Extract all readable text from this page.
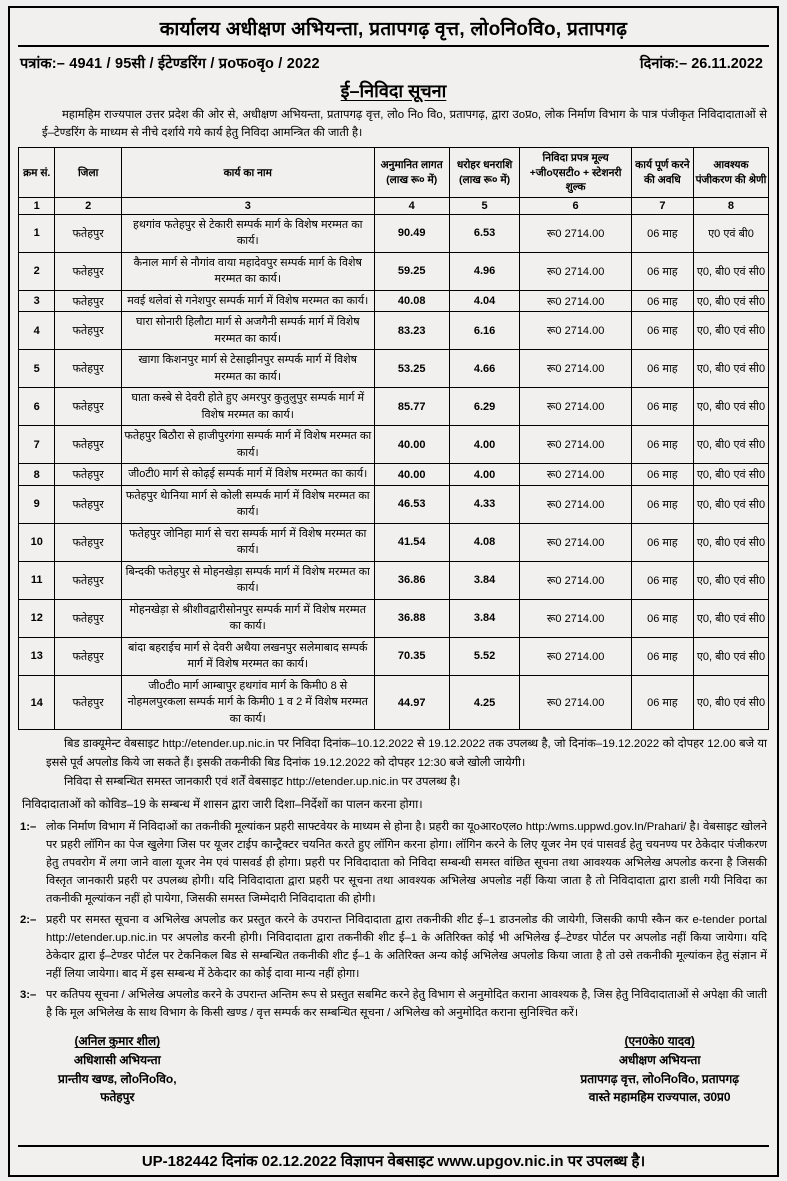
कार्यालय अधीक्षण अभियन्ता, प्रतापगढ़ वृत्त, लोoनिoविo, प्रतापगढ़
पत्रांक:– 4941 / 95सी / ईटेण्डरिंग / प्रoफoवृo / 2022	दिनांक:– 26.11.2022
ई–निविदा सूचना
महामहिम राज्यपाल उत्तर प्रदेश की ओर से, अधीक्षण अभियन्ता, प्रतापगढ़ वृत्त, लोo निo विo, प्रतापगढ़, द्वारा उoप्रo, लोक निर्माण विभाग के पात्र पंजीकृत निविदादाताओं से ई–टेण्डरिंग के माध्यम से नीचे दर्शाये गये कार्य हेतु निविदा आमन्त्रित की जाती है।
क्रम सं.	जिला	कार्य का नाम	अनुमानित लागत (लाख रू० में)	धरोहर धनराशि (लाख रू० में)	निविदा प्रपत्र मूल्य +जीoएसटीo + स्टेशनरी शुल्क	कार्य पूर्ण करने की अवधि	आवश्यक पंजीकरण की श्रेणी
1	2	3	4	5	6	7	8
1	फतेहपुर	हथगांव फतेहपुर से टेकारी सम्पर्क मार्ग के विशेष मरम्मत का कार्य।	90.49	6.53	रू0 2714.00	06 माह	ए0 एवं बी0
2	फतेहपुर	कैनाल मार्ग से नौगांव वाया महादेवपुर सम्पर्क मार्ग के विशेष मरम्मत का कार्य।	59.25	4.96	रू0 2714.00	06 माह	ए0, बी0 एवं सी0
3	फतेहपुर	मवई थलेवां से गनेशपुर सम्पर्क मार्ग में विशेष मरम्मत का कार्य।	40.08	4.04	रू0 2714.00	06 माह	ए0, बी0 एवं सी0
4	फतेहपुर	घारा सोनारी हिलौटा मार्ग से अजगैनी सम्पर्क मार्ग में विशेष मरम्मत का कार्य।	83.23	6.16	रू0 2714.00	06 माह	ए0, बी0 एवं सी0
5	फतेहपुर	खागा किशनपुर मार्ग से टेसाझीनपुर सम्पर्क मार्ग में विशेष मरम्मत का कार्य।	53.25	4.66	रू0 2714.00	06 माह	ए0, बी0 एवं सी0
6	फतेहपुर	घाता कस्बे से देवरी होते हुए अमरपुर कुतुलुपुर सम्पर्क मार्ग में विशेष मरम्मत का कार्य।	85.77	6.29	रू0 2714.00	06 माह	ए0, बी0 एवं सी0
7	फतेहपुर	फतेहपुर बिठौरा से हाजीपुरगंगा सम्पर्क मार्ग में विशेष मरम्मत का कार्य।	40.00	4.00	रू0 2714.00	06 माह	ए0, बी0 एवं सी0
8	फतेहपुर	जीoटी0 मार्ग से कोढ़ई सम्पर्क मार्ग में विशेष मरम्मत का कार्य।	40.00	4.00	रू0 2714.00	06 माह	ए0, बी0 एवं सी0
9	फतेहपुर	फतेहपुर थेानिया मार्ग से कोली सम्पर्क मार्ग में विशेष मरम्मत का कार्य।	46.53	4.33	रू0 2714.00	06 माह	ए0, बी0 एवं सी0
10	फतेहपुर	फतेहपुर जोनिहा मार्ग से चरा सम्पर्क मार्ग में विशेष मरम्मत का कार्य।	41.54	4.08	रू0 2714.00	06 माह	ए0, बी0 एवं सी0
11	फतेहपुर	बिन्दकी फतेहपुर से मोहनखेड़ा सम्पर्क मार्ग में विशेष मरम्मत का कार्य।	36.86	3.84	रू0 2714.00	06 माह	ए0, बी0 एवं सी0
12	फतेहपुर	मोहनखेड़ा से श्रीशीवद्वारीसोनपुर सम्पर्क मार्ग में विशेष मरम्मत का कार्य।	36.88	3.84	रू0 2714.00	06 माह	ए0, बी0 एवं सी0
13	फतेहपुर	बांदा बहराईच मार्ग से देवरी अथैया लखनपुर सलेमाबाद सम्पर्क मार्ग में विशेष मरम्मत का कार्य।	70.35	5.52	रू0 2714.00	06 माह	ए0, बी0 एवं सी0
14	फतेहपुर	जीoटीo मार्ग आम्बापुर हथगांव मार्ग के किमी0 8 से नोहमलपुरकला सम्पर्क मार्ग के किमी0 1 व 2 में विशेष मरम्मत का कार्य।	44.97	4.25	रू0 2714.00	06 माह	ए0, बी0 एवं सी0

बिड डाक्यूमेन्ट वेबसाइट http://etender.up.nic.in पर निविदा दिनांक–10.12.2022 से 19.12.2022 तक उपलब्ध है, जो दिनांक–19.12.2022 को दोपहर 12.00 बजे या इससे पूर्व अपलोड किये जा सकते हैं। इसकी तकनीकी बिड दिनांक 19.12.2022 को दोपहर 12:30 बजे खोली जायेगी।

निविदा से सम्बन्धित समस्त जानकारी एवं शर्तें वेबसाइट http://etender.up.nic.in पर उपलब्ध है।

निविदादाताओं को कोविड–19 के सम्बन्ध में शासन द्वारा जारी दिशा–निर्देशों का पालन करना होगा।

1:– लोक निर्माण विभाग में निविदाओं का तकनीकी मूल्यांकन प्रहरी साफ्टवेयर के माध्यम से होना है। प्रहरी का यूoआरoएलo http:/wms.uppwd.gov.In/Prahari/ है। वेबसाइट खोलने पर प्रहरी लॉगिन का पेज खुलेगा जिस पर यूजर टाईप कान्ट्रैक्टर चयनित करते हुए लॉगिन करना होगा। लॉगिन करने के लिए यूजर नेम एवं पासवर्ड हेतु चयनण्य पर ठेकेदार पंजीकरण हेतु तपवरोग में लगा जाने वाला यूजर नेम एवं पासवर्ड ही होगा। प्रहरी पर निविदादाता को निविदा सम्बन्धी समस्त वांछित सूचना तथा आवश्यक अभिलेख अपलोड करना है जिसकी विस्तृत जानकारी प्रहरी पर उपलब्ध होगी। यदि निविदादाता द्वारा प्रहरी पर सूचना तथा आवश्यक अभिलेख अपलोड नहीं किया जाता है तो निविदादाता द्वारा डाली गयी निविदा का तकनीकी मूल्यांकन नहीं हो पायेगा, जिसकी समस्त जिम्मेदारी निविदादाता की होगी।
2:– प्रहरी पर समस्त सूचना व अभिलेख अपलोड कर प्रस्तुत करने के उपरान्त निविदादाता द्वारा तकनीकी शीट ई–1 डाउनलोड की जायेगी, जिसकी कापी स्कैन कर e-tender portal http://etender.up.nic.in पर अपलोड करनी होगी। निविदादाता द्वारा तकनीकी शीट ई–1 के अतिरिक्त कोई भी अभिलेख ई–टेण्डर पोर्टल पर अपलोड नहीं किया जायेगा। यदि ठेकेदार द्वारा ई–टेण्डर पोर्टल पर टेकनिकल बिड से सम्बन्धित तकनीकी शीट ई–1 के अतिरिक्त अन्य कोई अभिलेख अपलोड किया जाता है तो उसे तकनीकी मूल्यांकन हेतु संज्ञान में नहीं लिया जायेगा। बाद में इस सम्बन्ध में ठेकेदार का कोई दावा मान्य नहीं होगा।
3:– पर कतिपय सूचना / अभिलेख अपलोड करने के उपरान्त अन्तिम रूप से प्रस्तुत सबमिट करने हेतु विभाग से अनुमोदित कराना आवश्यक है, जिस हेतु निविदादाताओं से अपेक्षा की जाती है कि मूल अभिलेख के साथ विभाग के किसी खण्ड / वृत्त सम्पर्क कर सम्बन्धित सूचना / अभिलेख को अनुमोदित कराना सुनिश्चित करें।
(अनिल कुमार शील)
अधिशासी अभियन्ता
प्रान्तीय खण्ड, लोoनिoविo,
फतेहपुर
(एन0के0 यादव)
अधीक्षण अभियन्ता
प्रतापगढ़ वृत्त, लोoनिoविo, प्रतापगढ़
वास्ते महामहिम राज्यपाल, उ0प्र0
UP-182442 दिनांक 02.12.2022 विज्ञापन वेबसाइट www.upgov.nic.in पर उपलब्ध है।
